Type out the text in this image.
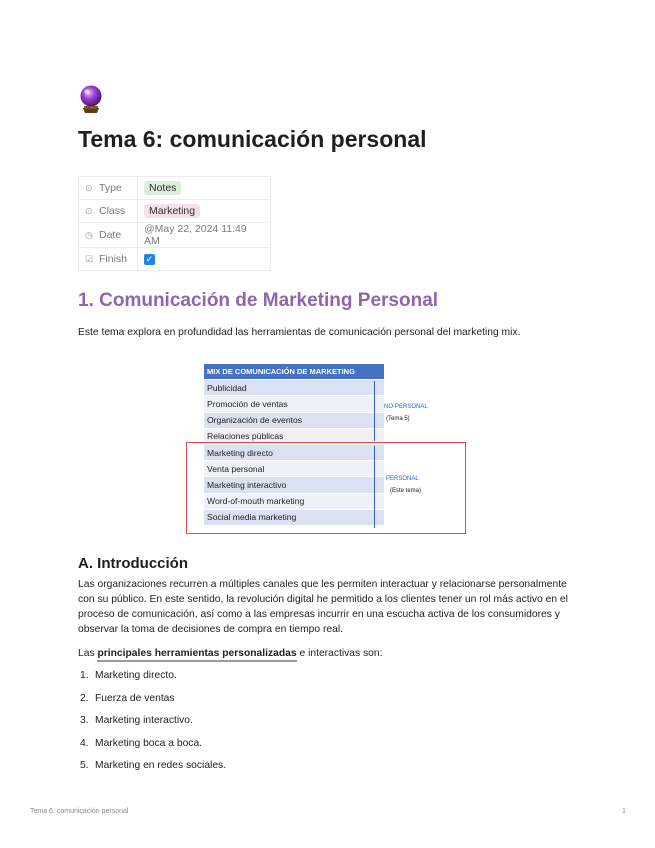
Tema 6: comunicación personal
⊙ Type	Notes
⊙ Class	Marketing
◷ Date	@May 22, 2024 11:49 AM
☑ Finish	✓
1. Comunicación de Marketing Personal

Este tema explora en profundidad las herramientas de comunicación personal del marketing mix.

MIX DE COMUNICACIÓN DE MARKETING
Publicidad
Promoción de ventas
Organización de eventos
Relaciones públicas
Marketing directo
Venta personal
Marketing interactivo
Word-of-mouth marketing
Social media marketing
NO-PERSONAL
(Tema 5)
PERSONAL
(Este tema)
A. Introducción

Las organizaciones recurren a múltiples canales que les permiten interactuar y relacionarse personalmente con su público. En este sentido, la revolución digital he permitido a los clientes tener un rol más activo en el proceso de comunicación, así como a las empresas incurrir en una escucha activa de los consumidores y observar la toma de decisiones de compra en tiempo real.

Las principales herramientas personalizadas e interactivas son:

1. Marketing directo.
2. Fuerza de ventas
3. Marketing interactivo.
4. Marketing boca a boca.
5. Marketing en redes sociales.
Tema 6: comunicación personal	1
